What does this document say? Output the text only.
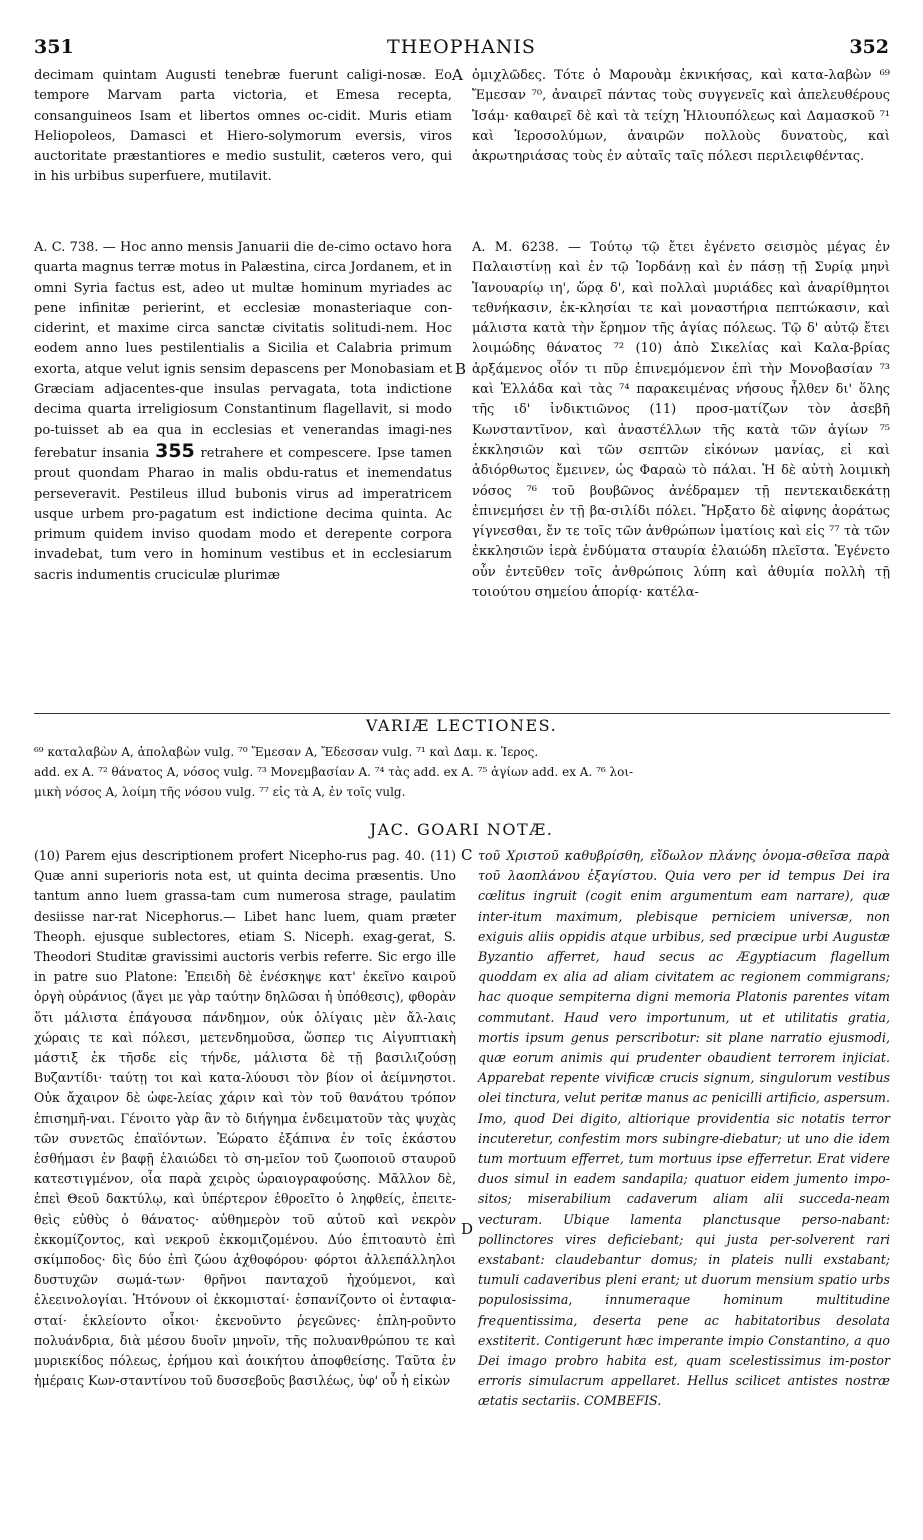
351	THEOPHANIS	352

decimam quintam Augusti tenebræ fuerunt caligi-nosæ. Eo tempore Marvam parta victoria, et Emesa recepta, consanguineos Isam et libertos omnes oc-cidit. Muris etiam Heliopoleos, Damasci et Hiero-solymorum eversis, viros auctoritate præstantiores e medio sustulit, cæteros vero, qui in his urbibus superfuere, mutilavit.

A ὀμιχλῶδες. Τότε ὁ Μαρουὰμ ἐκνικήσας, καὶ κατα-λαβὼν ⁶⁹ Ἔμεσαν ⁷⁰, ἀναιρεῖ πάντας τοὺς συγγενεῖς καὶ ἀπελευθέρους Ἰσάμ· καθαιρεῖ δὲ καὶ τὰ τείχη Ἡλιουπόλεως καὶ Δαμασκοῦ ⁷¹ καὶ Ἱεροσολύμων, ἀναιρῶν πολλοὺς δυνατοὺς, καὶ ἀκρωτηριάσας τοὺς ἐν αὐταῖς ταῖς πόλεσι περιλειφθέντας.

A. C. 738. — Hoc anno mensis Januarii die de-cimo octavo hora quarta magnus terræ motus in Palæstina, circa Jordanem, et in omni Syria factus est, adeo ut multæ hominum myriades ac pene infinitæ perierint, et ecclesiæ monasteriaque con-ciderint, et maxime circa sanctæ civitatis solitudi-nem. Hoc eodem anno lues pestilentialis a Sicilia et Calabria primum exorta, atque velut ignis sensim depascens per Monobasiam et Græciam adjacentes-que insulas pervagata, tota indictione decima quarta irreligiosum Constantinum flagellavit, si modo po-tuisset ab ea qua in ecclesias et venerandas imagi-nes ferebatur insania 355 retrahere et compescere. Ipse tamen prout quondam Pharao in malis obdu-ratus et inemendatus perseveravit. Pestileus illud bubonis virus ad imperatricem usque urbem pro-pagatum est indictione decima quinta. Ac primum quidem inviso quodam modo et derepente corpora invadebat, tum vero in hominum vestibus et in ecclesiarum sacris indumentis cruciculæ plurimæ

B

A. M. 6238. — Τούτῳ τῷ ἔτει ἐγένετο σεισμὸς μέγας ἐν Παλαιστίνῃ καὶ ἐν τῷ Ἰορδάνῃ καὶ ἐν πάσῃ τῇ Συρίᾳ μηνὶ Ἰανουαρίῳ ιη', ὥρᾳ δ', καὶ πολλαὶ μυριάδες καὶ ἀναρίθμητοι τεθνήκασιν, ἐκ-κλησίαι τε καὶ μοναστήρια πεπτώκασιν, καὶ μάλιστα κατὰ τὴν ἔρημον τῆς ἁγίας πόλεως. Τῷ δ' αὐτῷ ἔτει λοιμώδης θάνατος ⁷² (10) ἀπὸ Σικελίας καὶ Καλα-βρίας ἀρξάμενος οἷόν τι πῦρ ἐπινεμόμενον ἐπὶ τὴν Μονοβασίαν ⁷³ καὶ Ἑλλάδα καὶ τὰς ⁷⁴ παρακειμένας νήσους ἦλθεν δι' ὅλης τῆς ιδ' ἰνδικτιῶνος (11) προσ-ματίζων τὸν ἀσεβῆ Κωνσταντῖνον, καὶ ἀναστέλλων τῆς κατὰ τῶν ἁγίων ⁷⁵ ἐκκλησιῶν καὶ τῶν σεπτῶν εἰκόνων μανίας, εἰ καὶ ἀδιόρθωτος ἔμεινεν, ὡς Φαραὼ τὸ πάλαι. Ἡ δὲ αὐτὴ λοιμικὴ νόσος ⁷⁶ τοῦ βουβῶνος ἀνέδραμεν τῇ πεντεκαιδεκάτῃ ἐπινεμήσει ἐν τῇ βα-σιλίδι πόλει. Ἤρξατο δὲ αἰφνης ἀοράτως γίγνεσθαι, ἔν τε τοῖς τῶν ἀνθρώπων ἱματίοις καὶ εἰς ⁷⁷ τὰ τῶν ἐκκλησιῶν ἱερὰ ἐνδύματα σταυρία ἐλαιώδη πλεῖστα. Ἐγένετο οὖν ἐντεῦθεν τοῖς ἀνθρώποις λύπη καὶ ἀθυμία πολλὴ τῇ τοιούτου σημείου ἀπορίᾳ· κατέλα-

VARIÆ LECTIONES.

⁶⁹ καταλαβὼν A, ἀπολαβὼν vulg. ⁷⁰ Ἔμεσαν A, Ἔδεσσαν vulg. ⁷¹ καὶ Δαμ. κ. Ἱερος.

add. ex A. ⁷² θάνατος A, νόσος vulg. ⁷³ Μονεμβασίαν A. ⁷⁴ τὰς add. ex A. ⁷⁵ ἁγίων add. ex A. ⁷⁶ λοι-

μικὴ νόσος A, λοίμη τῆς νόσου vulg. ⁷⁷ εἰς τὰ A, ἐν τοῖς vulg.

JAC. GOARI NOTÆ.

(10) Parem ejus descriptionem profert Nicepho-rus pag. 40. (11) Quæ anni superioris nota est, ut quinta decima præsentis. Uno tantum anno luem grassa-tam cum numerosa strage, paulatim desiisse nar-rat Nicephorus.— Libet hanc luem, quam præter Theoph. ejusque sublectores, etiam S. Niceph. exag-gerat, S. Theodori Studitæ gravissimi auctoris verbis referre. Sic ergo ille in patre suo Platone: Ἐπειδὴ δὲ ἐνέσκηψε κατ' ἐκεῖνο καιροῦ ὀργὴ οὐράνιος (ἄγει με γὰρ ταύτην δηλῶσαι ἡ ὑπόθεσις), φθορὰν ὅτι μάλιστα ἐπάγουσα πάνδημον, οὐκ ὀλίγαις μὲν ἄλ-λαις χώραις τε καὶ πόλεσι, μετενδημοῦσα, ὥσπερ τις Αἰγυπτιακὴ μάστιξ ἐκ τῆσδε εἰς τήνδε, μάλιστα δὲ τῇ βασιλιζούσῃ Βυζαντίδι· ταύτῃ τοι καὶ κατα-λύουσι τὸν βίον οἱ ἀείμνηστοι. Οὐκ ἄχαιρον δὲ ὠφε-λείας χάριν καὶ τὸν τοῦ θανάτου τρόπον ἐπισημῆ-ναι. Γένοιτο γὰρ ἂν τὸ διήγημα ἐνδειματοῦν τὰς ψυχὰς τῶν συνετῶς ἐπαϊόντων. Ἑώρατο ἐξάπινα ἐν τοῖς ἑκάστου ἐσθήμασι ἐν βαφῇ ἐλαιώδει τὸ ση-μεῖον τοῦ ζωοποιοῦ σταυροῦ κατεστιγμένον, οἷα παρὰ χειρὸς ὡραιογραφούσης. Μᾶλλον δὲ, ἐπεὶ Θεοῦ δακτύλῳ, καὶ ὑπέρτερον ἐθροεῖτο ὁ ληφθείς, ἐπειτε-θεὶς εὐθὺς ὁ θάνατος· αὐθημερὸν τοῦ αὐτοῦ καὶ νεκρὸν ἐκκομίζοντος, καὶ νεκροῦ ἐκκομιζομένου. Δύο ἐπιτοαυτὸ ἐπὶ σκίμποδος· δὶς δύο ἐπὶ ζώου ἀχθοφόρου· φόρτοι ἀλλεπάλληλοι δυστυχῶν σωμά-των· θρῆνοι πανταχοῦ ἠχούμενοι, καὶ ἐλεεινολογίαι. Ἠτόνουν οἱ ἐκκομισταί· ἐσπανίζοντο οἱ ἐνταφια-σταί· ἐκλείοντο οἶκοι· ἐκενοῦντο ῥεγεῶνες· ἐπλη-ροῦντο πολυάνδρια, διὰ μέσου δυοῖν μηνοῖν, τῆς πολυανθρώπου τε καὶ μυριεκίδος πόλεως, ἐρήμου καὶ ἀοικήτου ἀποφθείσης. Ταῦτα ἐν ἡμέραις Κων-σταντίνου τοῦ δυσσεβοῦς βασιλέως, ὑφ' οὗ ἡ εἰκὼν

C
D

τοῦ Χριστοῦ καθυβρίσθη, εἴδωλον πλάνης ὀνομα-σθεῖσα παρὰ τοῦ λαοπλάνου ἐξαγίστου. Quia vero per id tempus Dei ira cœlitus ingruit (cogit enim argumentum eam narrare), quæ inter-itum maximum, plebisque perniciem universæ, non exiguis aliis oppidis atque urbibus, sed præcipue urbi Augustæ Byzantio afferret, haud secus ac Ægyptiacum flagellum quoddam ex alia ad aliam civitatem ac regionem commigrans; hac quoque sempiterna digni memoria Platonis parentes vitam commutant. Haud vero importunum, ut et utilitatis gratia, mortis ipsum genus perscribotur: sit plane narratio ejusmodi, quæ eorum animis qui prudenter obaudient terrorem injiciat. Apparebat repente vivificæ crucis signum, singulorum vestibus olei tinctura, velut peritæ manus ac penicilli artificio, aspersum. Imo, quod Dei digito, altiorique providentia sic notatis terror incuteretur, confestim mors subingre-diebatur; ut uno die idem tum mortuum efferret, tum mortuus ipse efferretur. Erat videre duos simul in eadem sandapila; quatuor eidem jumento impo-sitos; miserabilium cadaverum aliam alii succeda-neam vecturam. Ubique lamenta planctusque perso-nabant: pollinctores vires deficiebant; qui justa per-solverent rari exstabant: claudebantur domus; in plateis nulli exstabant; tumuli cadaveribus pleni erant; ut duorum mensium spatio urbs populosissima, innumeraque hominum multitudine frequentissima, deserta pene ac habitatoribus desolata exstiterit. Contigerunt hæc imperante impio Constantino, a quo Dei imago probro habita est, quam scelestissimus im-postor erroris simulacrum appellaret. Hellus scilicet antistes nostræ ætatis sectariis. COMBEFIS.
